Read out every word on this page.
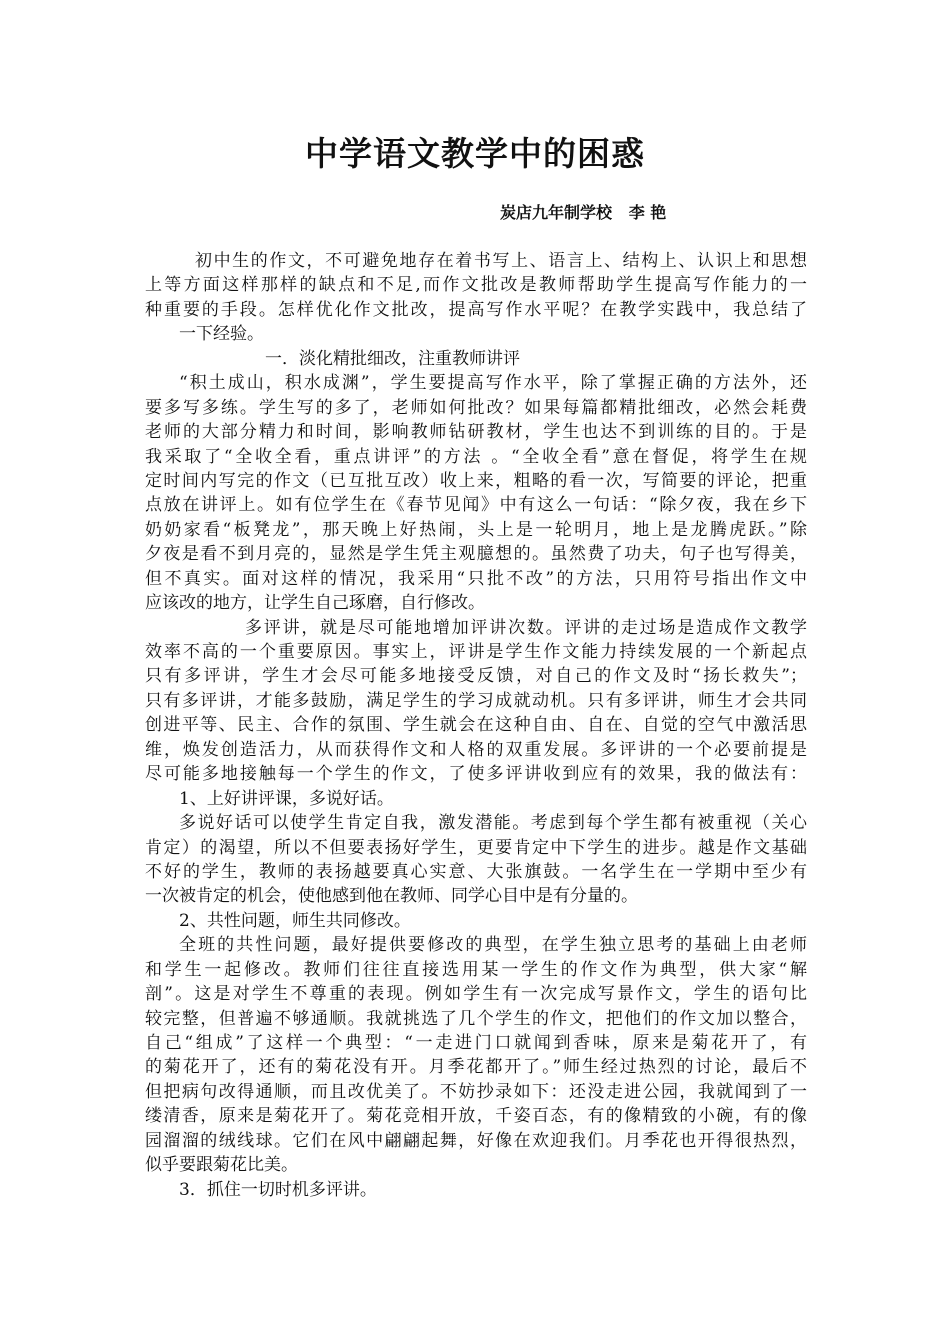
中学语文教学中的困惑
炭店九年制学校   李 艳
初中生的作文，不可避免地存在着书写上、语言上、结构上、认识上和思想
上等方面这样那样的缺点和不足,而作文批改是教师帮助学生提高写作能力的一
种重要的手段。怎样优化作文批改，提高写作水平呢？在教学实践中，我总结了
一下经验。
一．淡化精批细改，注重教师讲评
“积土成山，积水成渊”，学生要提高写作水平，除了掌握正确的方法外，还
要多写多练。学生写的多了，老师如何批改？如果每篇都精批细改，必然会耗费
老师的大部分精力和时间，影响教师钻研教材，学生也达不到训练的目的。于是
我采取了“全收全看，重点讲评”的方法 。“全收全看”意在督促，将学生在规
定时间内写完的作文（已互批互改）收上来，粗略的看一次，写简要的评论，把重
点放在讲评上。如有位学生在《春节见闻》中有这么一句话：“除夕夜，我在乡下
奶奶家看“板凳龙”，那天晚上好热闹，头上是一轮明月，地上是龙腾虎跃。”除
夕夜是看不到月亮的，显然是学生凭主观臆想的。虽然费了功夫，句子也写得美，
但不真实。面对这样的情况，我采用“只批不改”的方法，只用符号指出作文中
应该改的地方，让学生自己琢磨，自行修改。
多评讲，就是尽可能地增加评讲次数。评讲的走过场是造成作文教学
效率不高的一个重要原因。事实上，评讲是学生作文能力持续发展的一个新起点
只有多评讲，学生才会尽可能多地接受反馈，对自己的作文及时“扬长救失”；
只有多评讲，才能多鼓励，满足学生的学习成就动机。只有多评讲，师生才会共同
创进平等、民主、合作的氛围、学生就会在这种自由、自在、自觉的空气中激活思
维，焕发创造活力，从而获得作文和人格的双重发展。多评讲的一个必要前提是
尽可能多地接触每一个学生的作文，了使多评讲收到应有的效果，我的做法有：
1、上好讲评课，多说好话。
多说好话可以使学生肯定自我，激发潜能。考虑到每个学生都有被重视（关心
肯定）的渴望，所以不但要表扬好学生，更要肯定中下学生的进步。越是作文基础
不好的学生，教师的表扬越要真心实意、大张旗鼓。一名学生在一学期中至少有
一次被肯定的机会，使他感到他在教师、同学心目中是有分量的。
2、共性问题，师生共同修改。
全班的共性问题，最好提供要修改的典型，在学生独立思考的基础上由老师
和学生一起修改。教师们往往直接选用某一学生的作文作为典型，供大家“解
剖”。这是对学生不尊重的表现。例如学生有一次完成写景作文，学生的语句比
较完整，但普遍不够通顺。我就挑选了几个学生的作文，把他们的作文加以整合，
自己“组成”了这样一个典型：“一走进门口就闻到香味，原来是菊花开了，有
的菊花开了，还有的菊花没有开。月季花都开了。”师生经过热烈的讨论，最后不
但把病句改得通顺，而且改优美了。不妨抄录如下：还没走进公园，我就闻到了一
缕清香，原来是菊花开了。菊花竞相开放，千姿百态，有的像精致的小碗，有的像
园溜溜的绒线球。它们在风中翩翩起舞，好像在欢迎我们。月季花也开得很热烈，
似乎要跟菊花比美。
3．抓住一切时机多评讲。
